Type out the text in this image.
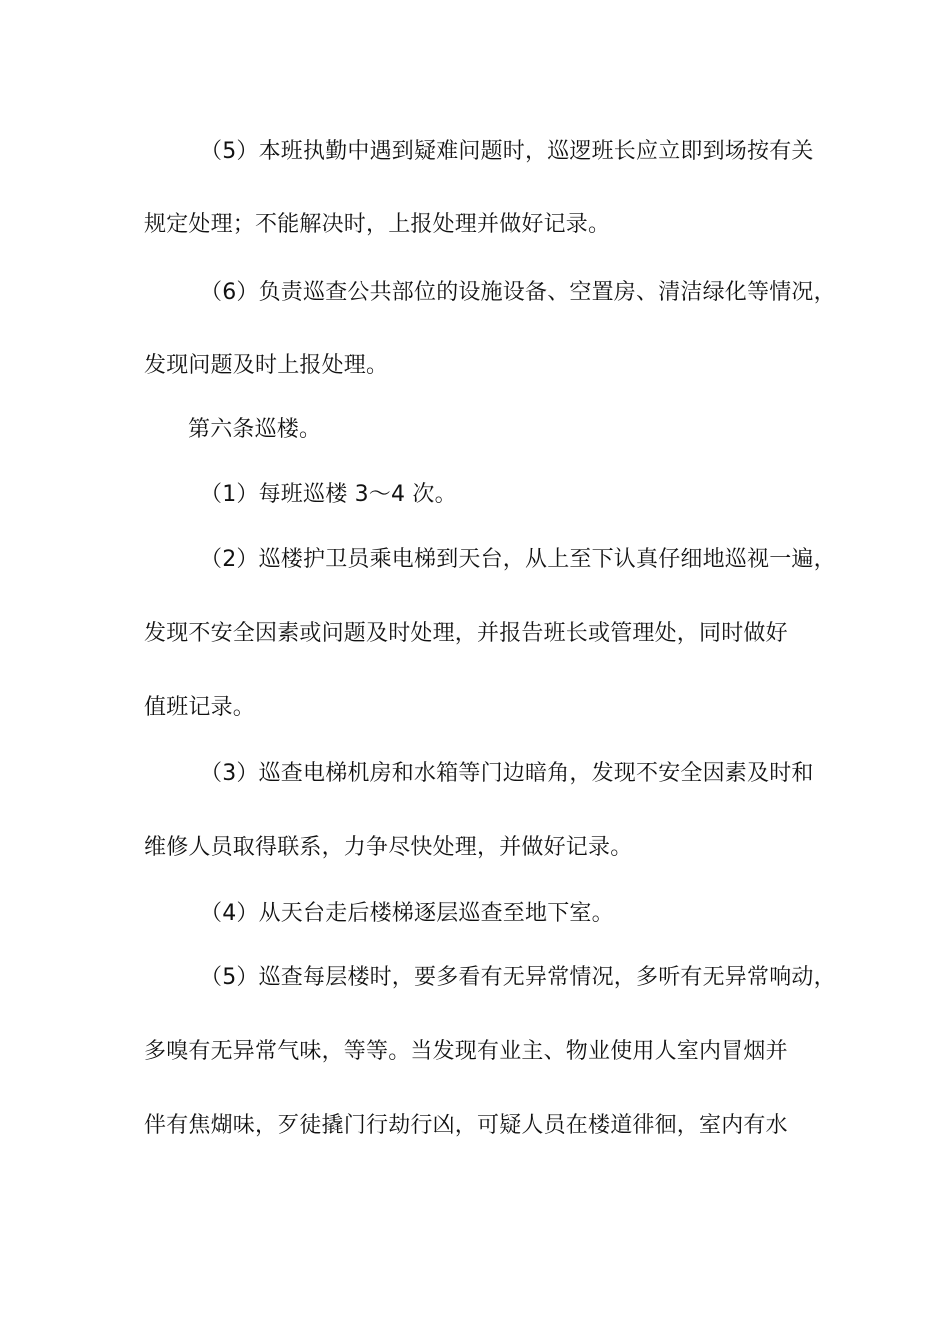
（5）本班执勤中遇到疑难问题时，巡逻班长应立即到场按有关
规定处理；不能解决时，上报处理并做好记录。
（6）负责巡查公共部位的设施设备、空置房、清洁绿化等情况，
发现问题及时上报处理。
第六条巡楼。
（1）每班巡楼 3～4 次。
（2）巡楼护卫员乘电梯到天台，从上至下认真仔细地巡视一遍，
发现不安全因素或问题及时处理，并报告班长或管理处，同时做好
值班记录。
（3）巡查电梯机房和水箱等门边暗角，发现不安全因素及时和
维修人员取得联系，力争尽快处理，并做好记录。
（4）从天台走后楼梯逐层巡查至地下室。
（5）巡查每层楼时，要多看有无异常情况，多听有无异常响动，
多嗅有无异常气味，等等。当发现有业主、物业使用人室内冒烟并
伴有焦煳味，歹徒撬门行劫行凶，可疑人员在楼道徘徊，室内有水
